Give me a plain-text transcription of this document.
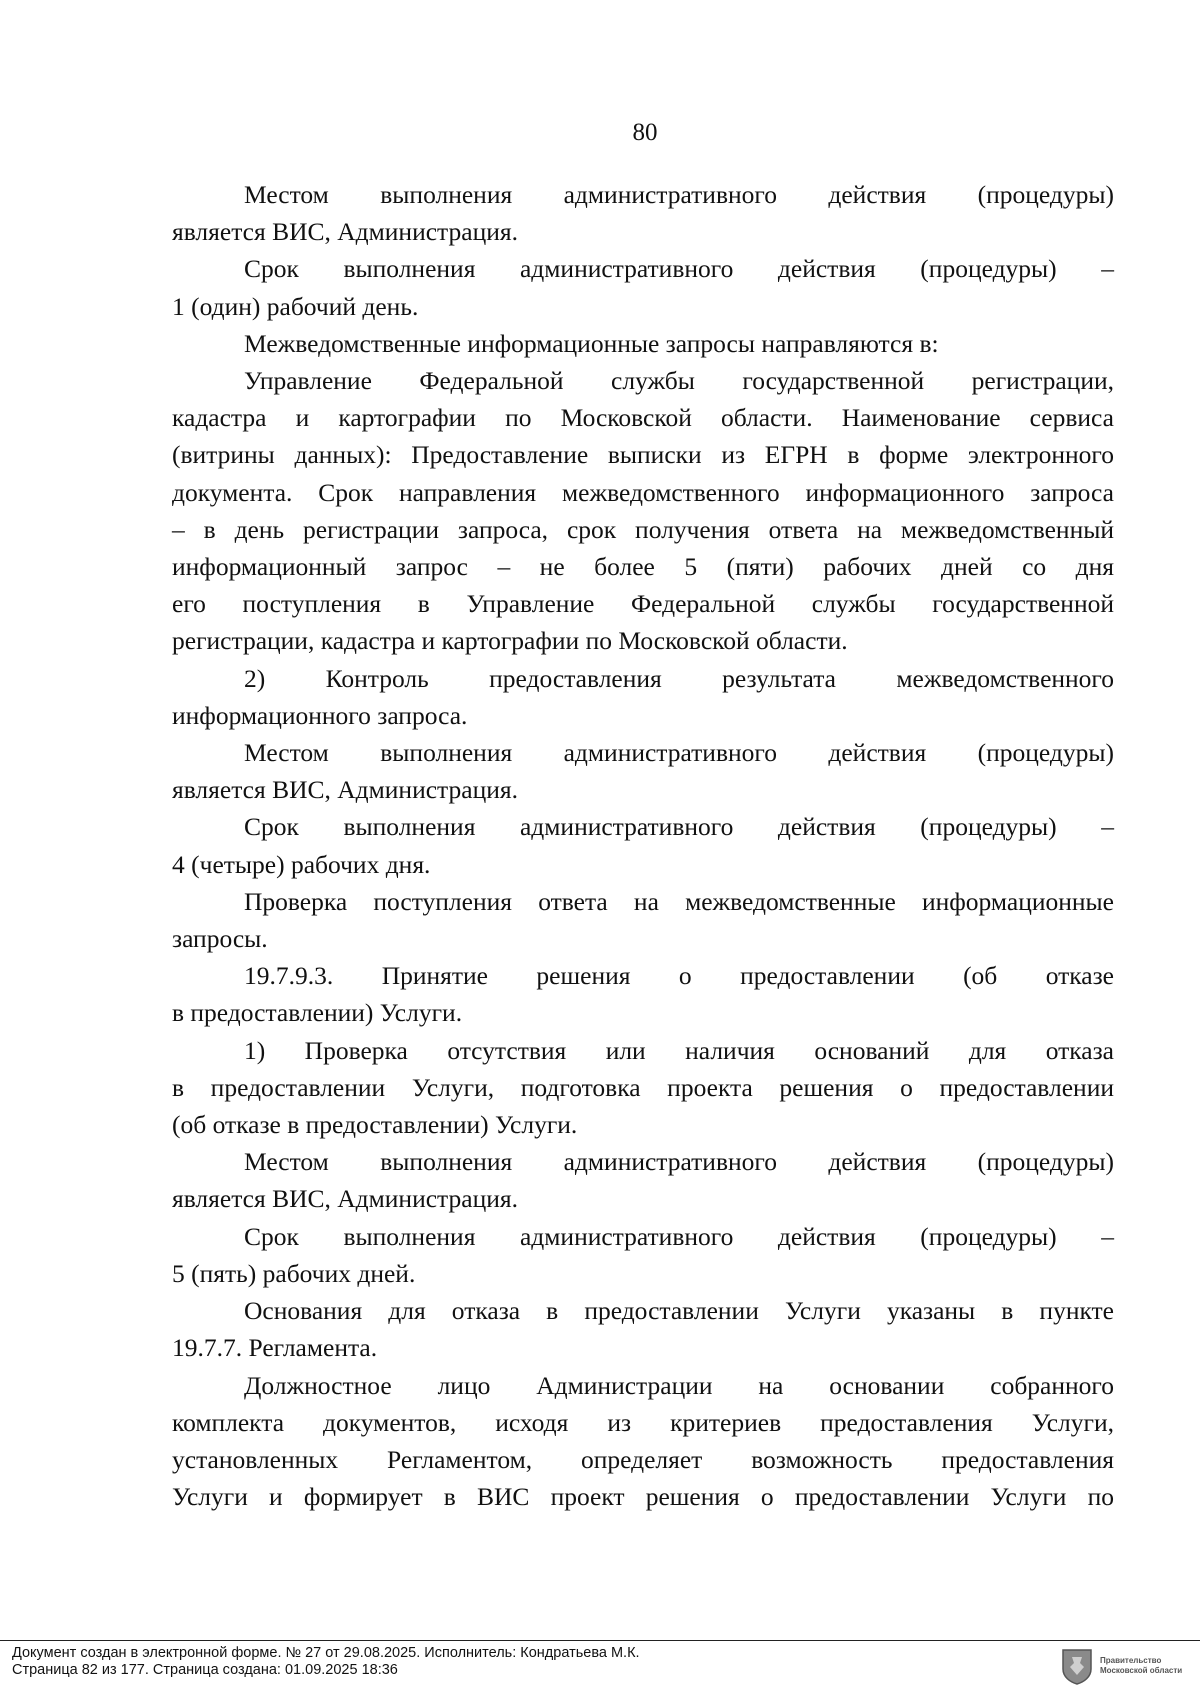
80

Местом выполнения административного действия (процедуры)

является ВИС, Администрация.

Срок выполнения административного действия (процедуры) –

1 (один) рабочий день.

Межведомственные информационные запросы направляются в:

Управление Федеральной службы государственной регистрации,

кадастра и картографии по Московской области. Наименование сервиса

(витрины данных): Предоставление выписки из ЕГРН в форме электронного

документа. Срок направления межведомственного информационного запроса

– в день регистрации запроса, срок получения ответа на межведомственный

информационный запрос – не более 5 (пяти) рабочих дней со дня

его поступления в Управление Федеральной службы государственной

регистрации, кадастра и картографии по Московской области.

2) Контроль предоставления результата межведомственного

информационного запроса.

Местом выполнения административного действия (процедуры)

является ВИС, Администрация.

Срок выполнения административного действия (процедуры) –

4 (четыре) рабочих дня.

Проверка поступления ответа на межведомственные информационные

запросы.

19.7.9.3. Принятие решения о предоставлении (об отказе

в предоставлении) Услуги.

1) Проверка отсутствия или наличия оснований для отказа

в предоставлении Услуги, подготовка проекта решения о предоставлении

(об отказе в предоставлении) Услуги.

Местом выполнения административного действия (процедуры)

является ВИС, Администрация.

Срок выполнения административного действия (процедуры) –

5 (пять) рабочих дней.

Основания для отказа в предоставлении Услуги указаны в пункте

19.7.7. Регламента.

Должностное лицо Администрации на основании собранного

комплекта документов, исходя из критериев предоставления Услуги,

установленных Регламентом, определяет возможность предоставления

Услуги и формирует в ВИС проект решения о предоставлении Услуги по

Документ создан в электронной форме. № 27 от 29.08.2025. Исполнитель: Кондратьева М.К.
Страница 82 из 177. Страница создана: 01.09.2025 18:36
Правительство
Московской области
